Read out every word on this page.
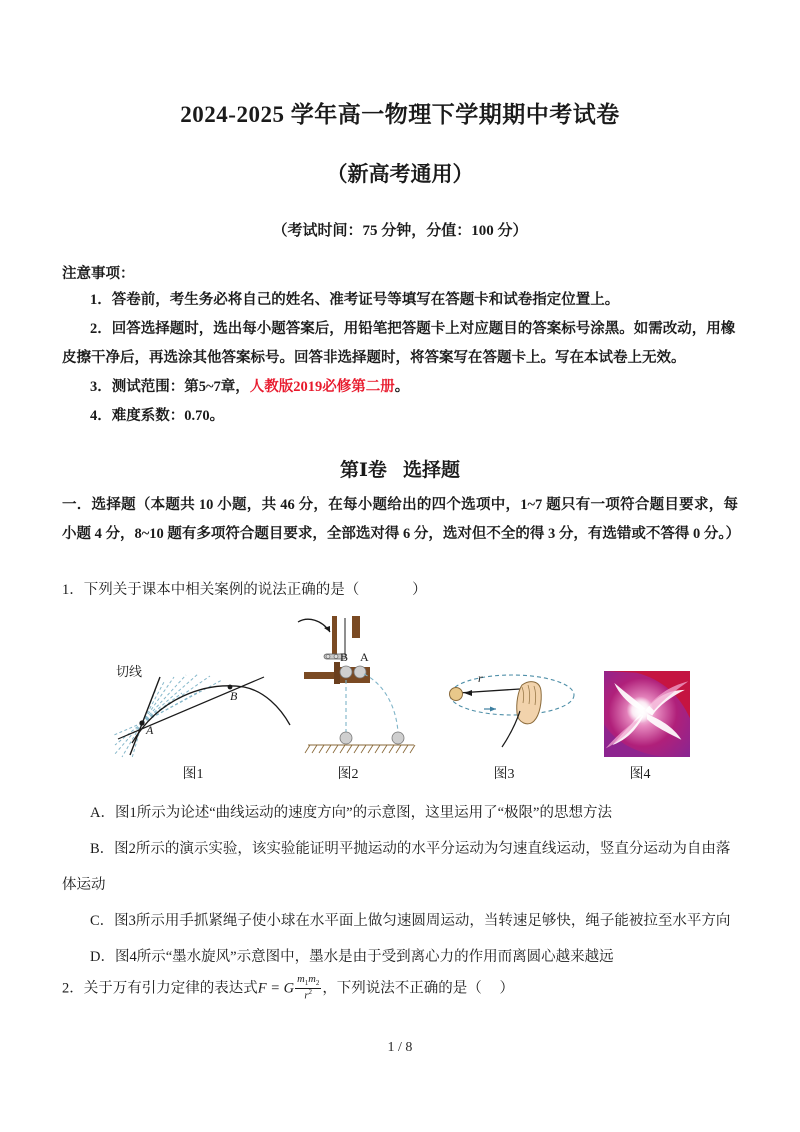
2024-2025 学年高一物理下学期期中考试卷
（新高考通用）
（考试时间：75 分钟，分值：100 分）
注意事项：
1．答卷前，考生务必将自己的姓名、准考证号等填写在答题卡和试卷指定位置上。
2．回答选择题时，选出每小题答案后，用铅笔把答题卡上对应题目的答案标号涂黑。如需改动，用橡皮擦干净后，再选涂其他答案标号。回答非选择题时，将答案写在答题卡上。写在本试卷上无效。
3．测试范围：第5~7章，人教版2019必修第二册。
4．难度系数：0.70。
第Ⅰ卷 选择题
一．选择题（本题共 10 小题，共 46 分，在每小题给出的四个选项中，1~7 题只有一项符合题目要求，每小题 4 分，8~10 题有多项符合题目要求，全部选对得 6 分，选对但不全的得 3 分，有选错或不答得 0 分。）
1．下列关于课本中相关案例的说法正确的是（	）
切线
A
B
B A
r
图1	图2	图3	图4
A．图1所示为论述“曲线运动的速度方向”的示意图，这里运用了“极限”的思想方法
B．图2所示的演示实验，该实验能证明平抛运动的水平分运动为匀速直线运动，竖直分运动为自由落
体运动
C．图3所示用手抓紧绳子使小球在水平面上做匀速圆周运动，当转速足够快，绳子能被拉至水平方向
D．图4所示“墨水旋风”示意图中，墨水是由于受到离心力的作用而离圆心越来越远
2．关于万有引力定律的表达式F = G $\frac{m_1m_2}{r^2}$ ，下列说法不正确的是（ ）
1 / 8
